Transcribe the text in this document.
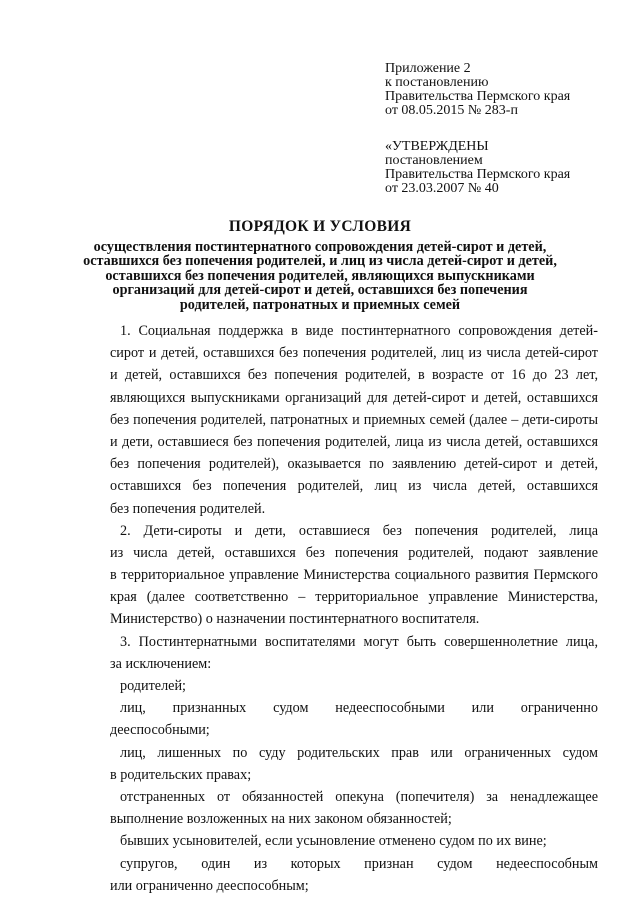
Приложение 2
к постановлению
Правительства Пермского края
от 08.05.2015 № 283-п
«УТВЕРЖДЕНЫ
постановлением
Правительства Пермского края
от 23.03.2007 № 40
ПОРЯДОК И УСЛОВИЯ
осуществления постинтернатного сопровождения детей-сирот и детей,
оставшихся без попечения родителей, и лиц из числа детей-сирот и детей,
оставшихся без попечения родителей, являющихся выпускниками
организаций для детей-сирот и детей, оставшихся без попечения
родителей, патронатных и приемных семей
1. Социальная поддержка в виде постинтернатного сопровождения детей-
сирот и детей, оставшихся без попечения родителей, лиц из числа детей-сирот
и детей, оставшихся без попечения родителей, в возрасте от 16 до 23 лет,
являющихся выпускниками организаций для детей-сирот и детей, оставшихся
без попечения родителей, патронатных и приемных семей (далее – дети-сироты
и дети, оставшиеся без попечения родителей, лица из числа детей, оставшихся
без попечения родителей), оказывается по заявлению детей-сирот и детей,
оставшихся без попечения родителей, лиц из числа детей, оставшихся
без попечения родителей.
2. Дети-сироты и дети, оставшиеся без попечения родителей, лица
из числа детей, оставшихся без попечения родителей, подают заявление
в территориальное управление Министерства социального развития Пермского
края (далее соответственно – территориальное управление Министерства,
Министерство) о назначении постинтернатного воспитателя.
3. Постинтернатными воспитателями могут быть совершеннолетние лица,
за исключением:
родителей;
лиц, признанных судом недееспособными или ограниченно
дееспособными;
лиц, лишенных по суду родительских прав или ограниченных судом
в родительских правах;
отстраненных от обязанностей опекуна (попечителя) за ненадлежащее
выполнение возложенных на них законом обязанностей;
бывших усыновителей, если усыновление отменено судом по их вине;
супругов, один из которых признан судом недееспособным
или ограниченно дееспособным;
